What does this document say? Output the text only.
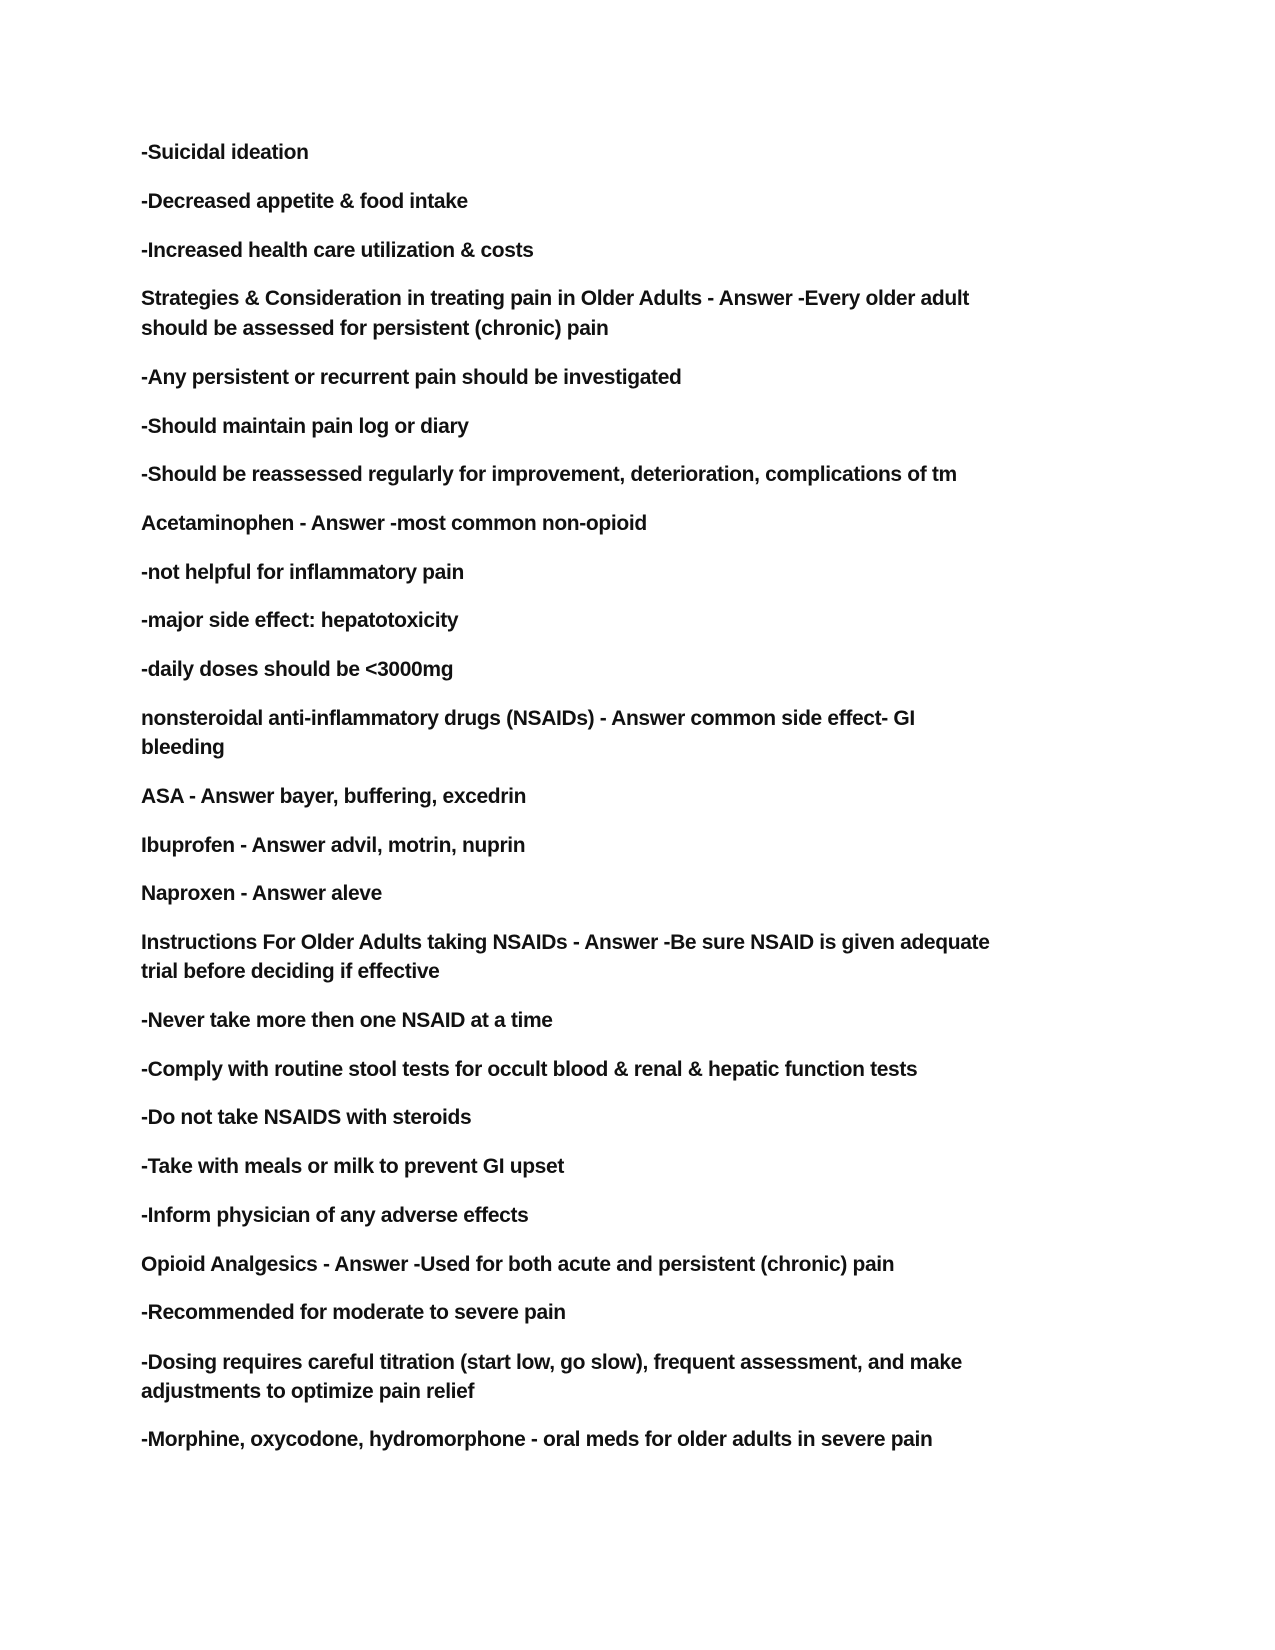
-Suicidal ideation
-Decreased appetite & food intake
-Increased health care utilization & costs
Strategies & Consideration in treating pain in Older Adults - Answer -Every older adult
should be assessed for persistent (chronic) pain
-Any persistent or recurrent pain should be investigated
-Should maintain pain log or diary
-Should be reassessed regularly for improvement, deterioration, complications of tm
Acetaminophen - Answer -most common non-opioid
-not helpful for inflammatory pain
-major side effect: hepatotoxicity
-daily doses should be <3000mg
nonsteroidal anti-inflammatory drugs (NSAIDs) - Answer common side effect- GI
bleeding
ASA - Answer bayer, buffering, excedrin
Ibuprofen - Answer advil, motrin, nuprin
Naproxen - Answer aleve
Instructions For Older Adults taking NSAIDs - Answer -Be sure NSAID is given adequate
trial before deciding if effective
-Never take more then one NSAID at a time
-Comply with routine stool tests for occult blood & renal & hepatic function tests
-Do not take NSAIDS with steroids
-Take with meals or milk to prevent GI upset
-Inform physician of any adverse effects
Opioid Analgesics - Answer -Used for both acute and persistent (chronic) pain
-Recommended for moderate to severe pain
-Dosing requires careful titration (start low, go slow), frequent assessment, and make
adjustments to optimize pain relief
-Morphine, oxycodone, hydromorphone - oral meds for older adults in severe pain
